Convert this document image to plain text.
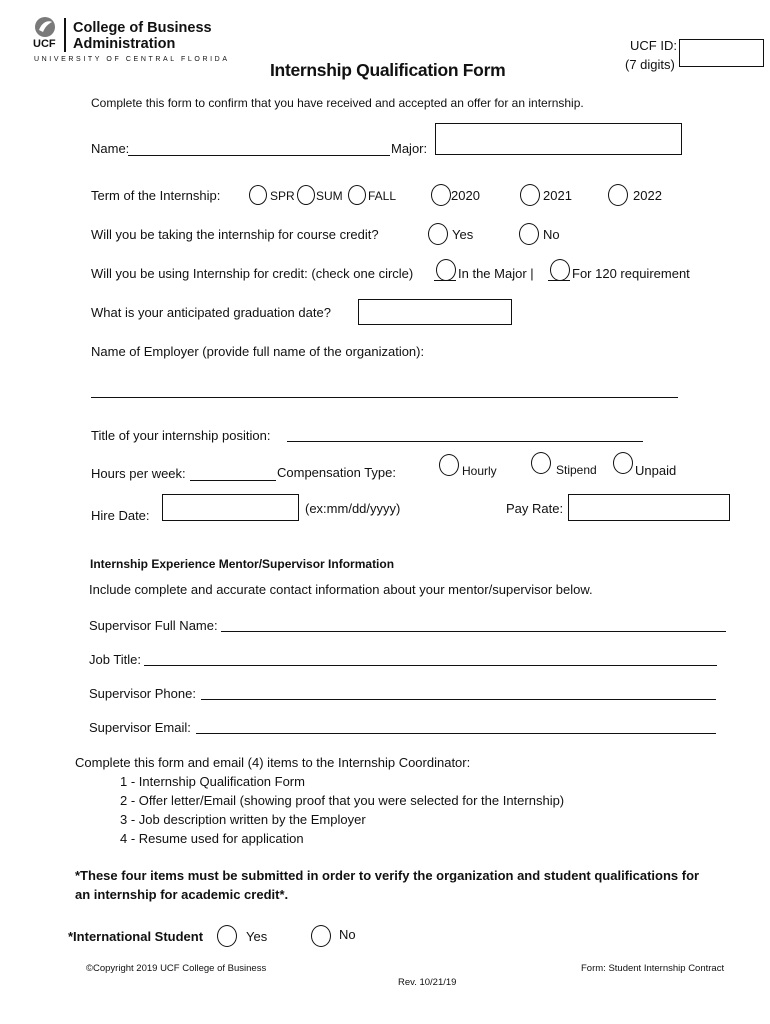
UCF
College of Business
Administration
UNIVERSITY OF CENTRAL FLORIDA
UCF ID:
(7 digits)
Internship Qualification Form
Complete this form to confirm that you have received and accepted an offer for an internship.
Name:	Major:
Term of the Internship:	SPR SUM FALL	2020	2021	2022
Will you be taking the internship for course credit?	Yes	No
Will you be using Internship for credit: (check one circle)	In the Major |	For 120 requirement
What is your anticipated graduation date?
Name of Employer (provide full name of the organization):
Title of your internship position:
Hours per week:	Compensation Type:	Hourly	Stipend	Unpaid
Hire Date:	(ex:mm/dd/yyyy)	Pay Rate:
Internship Experience Mentor/Supervisor Information
Include complete and accurate contact information about your mentor/supervisor below.
Supervisor Full Name:
Job Title:
Supervisor Phone:
Supervisor Email:
Complete this form and email (4) items to the Internship Coordinator:
1 - Internship Qualification Form
2 - Offer letter/Email (showing proof that you were selected for the Internship)
3 - Job description written by the Employer
4 - Resume used for application
*These four items must be submitted in order to verify the organization and student qualifications for
an internship for academic credit*.
*International Student	Yes	No
©Copyright 2019 UCF College of Business	Form: Student Internship Contract
Rev. 10/21/19
